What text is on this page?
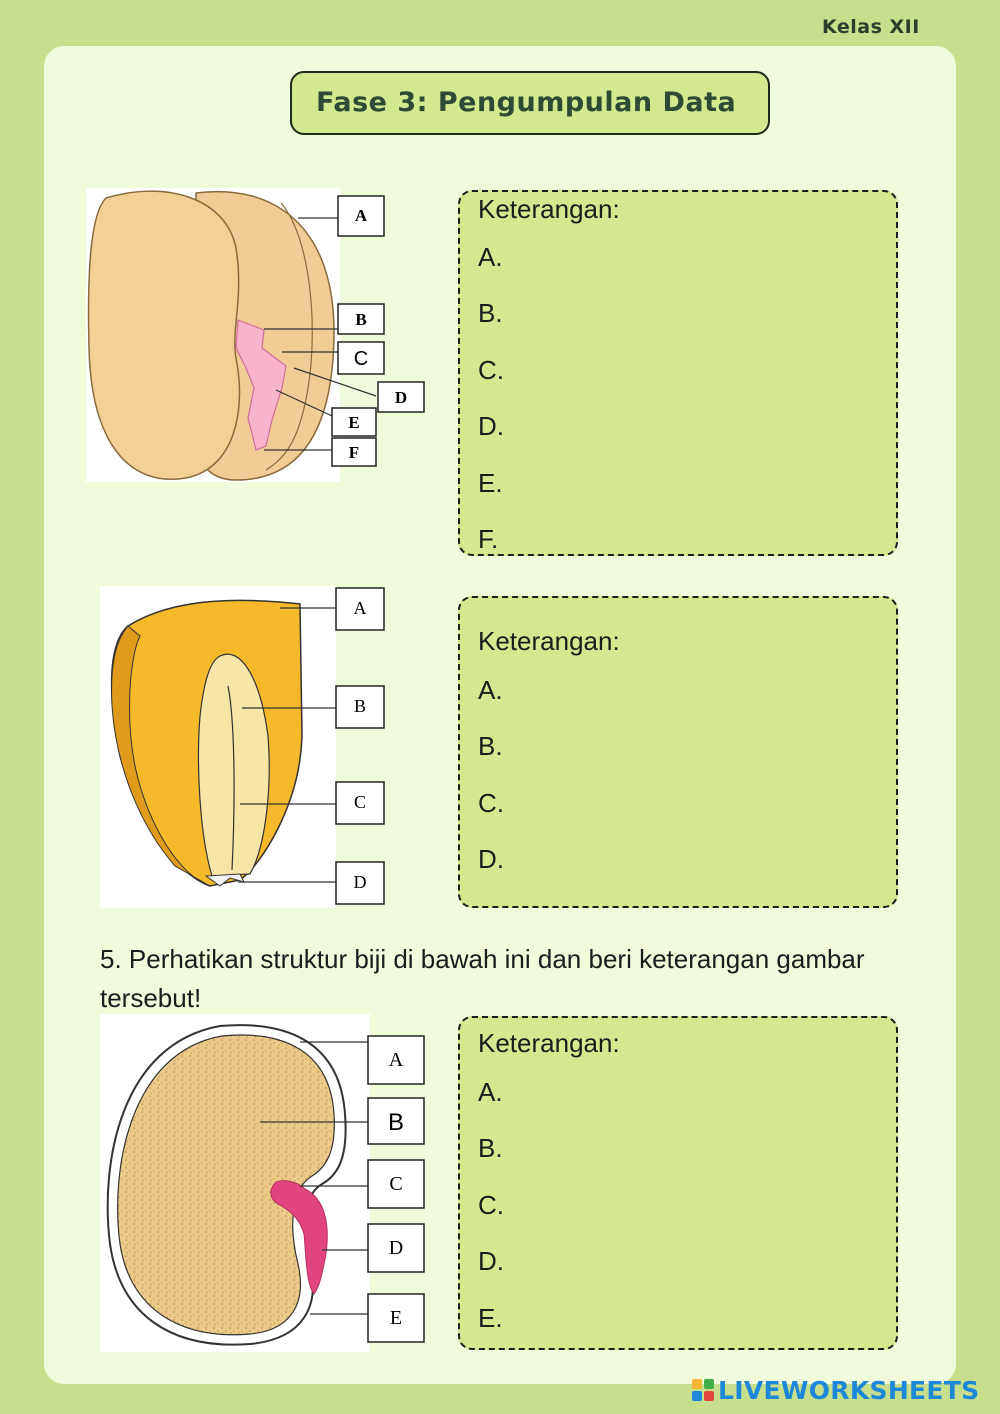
Kelas XII
Fase 3: Pengumpulan Data
A
B
C
D
E
F
Keterangan:
A.
B.
C.
D.
E.
F.
A
B
C
D
Keterangan:
A.
B.
C.
D.
5. Perhatikan struktur biji di bawah ini dan beri keterangan gambar tersebut!
A
B
C
D
E
Keterangan:
A.
B.
C.
D.
E.
LIVEWORKSHEETS
